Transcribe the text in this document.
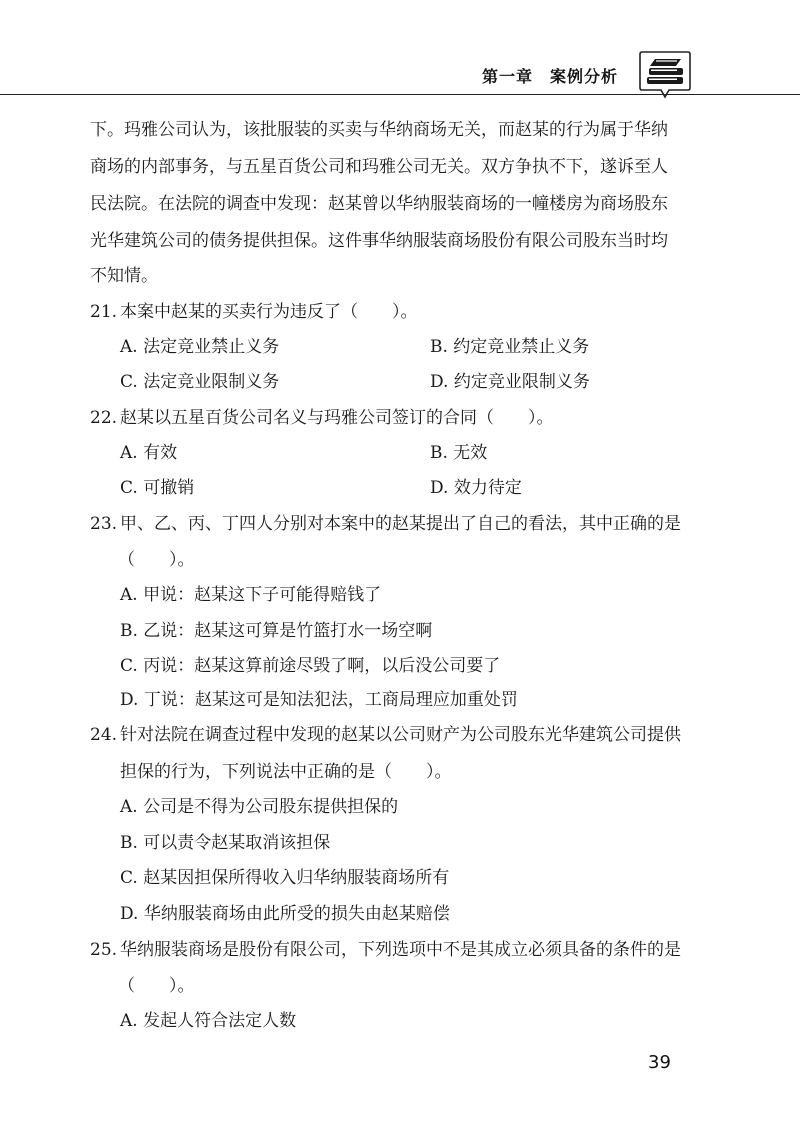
第一章　案例分析
下。玛雅公司认为，该批服装的买卖与华纳商场无关，而赵某的行为属于华纳
商场的内部事务，与五星百货公司和玛雅公司无关。双方争执不下，遂诉至人
民法院。在法院的调查中发现：赵某曾以华纳服装商场的一幢楼房为商场股东
光华建筑公司的债务提供担保。这件事华纳服装商场股份有限公司股东当时均
不知情。
21. 本案中赵某的买卖行为违反了（　　）。
A. 法定竞业禁止义务	B. 约定竞业禁止义务
C. 法定竞业限制义务	D. 约定竞业限制义务
22. 赵某以五星百货公司名义与玛雅公司签订的合同（　　）。
A. 有效	B. 无效
C. 可撤销	D. 效力待定
23. 甲、乙、丙、丁四人分别对本案中的赵某提出了自己的看法，其中正确的是
（　　）。
A. 甲说：赵某这下子可能得赔钱了
B. 乙说：赵某这可算是竹篮打水一场空啊
C. 丙说：赵某这算前途尽毁了啊，以后没公司要了
D. 丁说：赵某这可是知法犯法，工商局理应加重处罚
24. 针对法院在调查过程中发现的赵某以公司财产为公司股东光华建筑公司提供
担保的行为，下列说法中正确的是（　　）。
A. 公司是不得为公司股东提供担保的
B. 可以责令赵某取消该担保
C. 赵某因担保所得收入归华纳服装商场所有
D. 华纳服装商场由此所受的损失由赵某赔偿
25. 华纳服装商场是股份有限公司，下列选项中不是其成立必须具备的条件的是
（　　）。
A. 发起人符合法定人数
39
